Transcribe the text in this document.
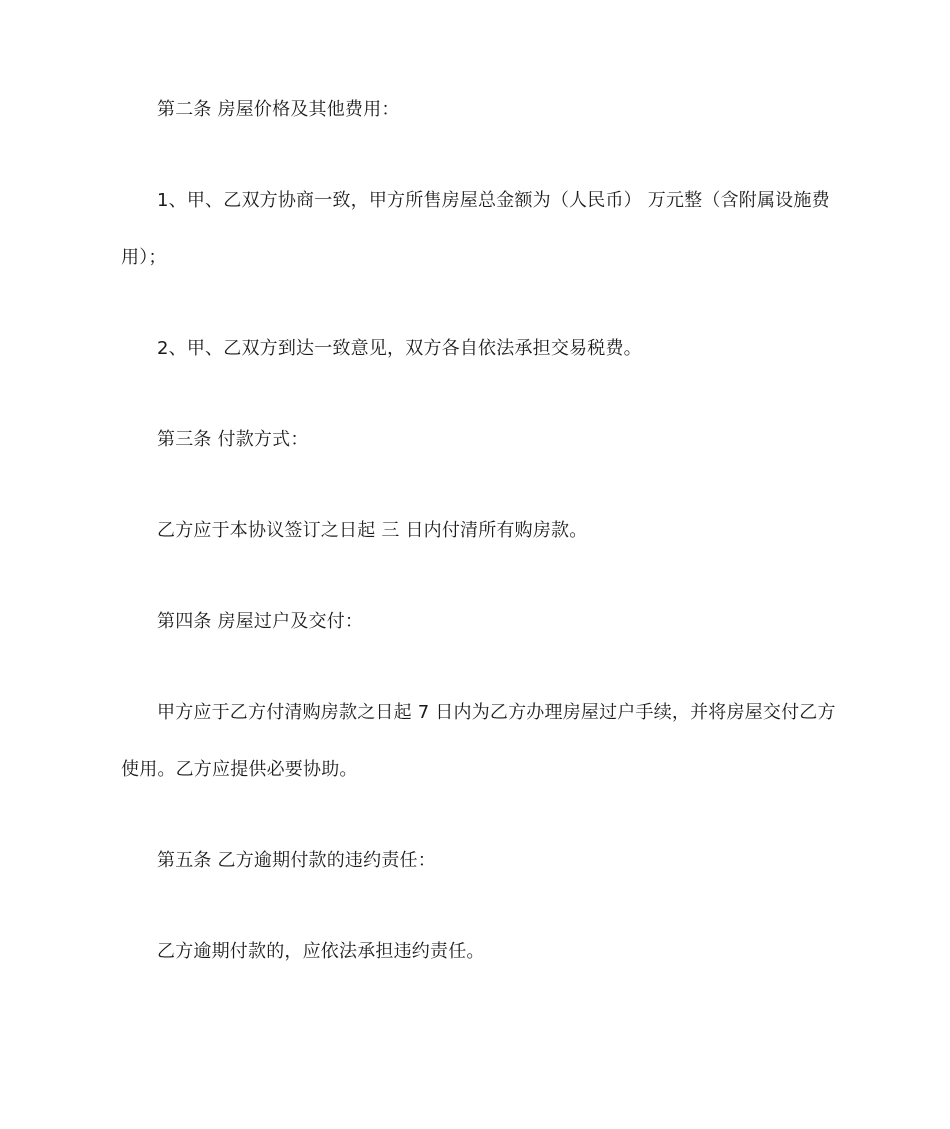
第二条 房屋价格及其他费用：
1、甲、乙双方协商一致，甲方所售房屋总金额为（人民币） 万元整（含附属设施费
用）；
2、甲、乙双方到达一致意见，双方各自依法承担交易税费。
第三条 付款方式：
乙方应于本协议签订之日起 三 日内付清所有购房款。
第四条 房屋过户及交付：
甲方应于乙方付清购房款之日起 7 日内为乙方办理房屋过户手续，并将房屋交付乙方
使用。乙方应提供必要协助。
第五条 乙方逾期付款的违约责任：
乙方逾期付款的，应依法承担违约责任。
